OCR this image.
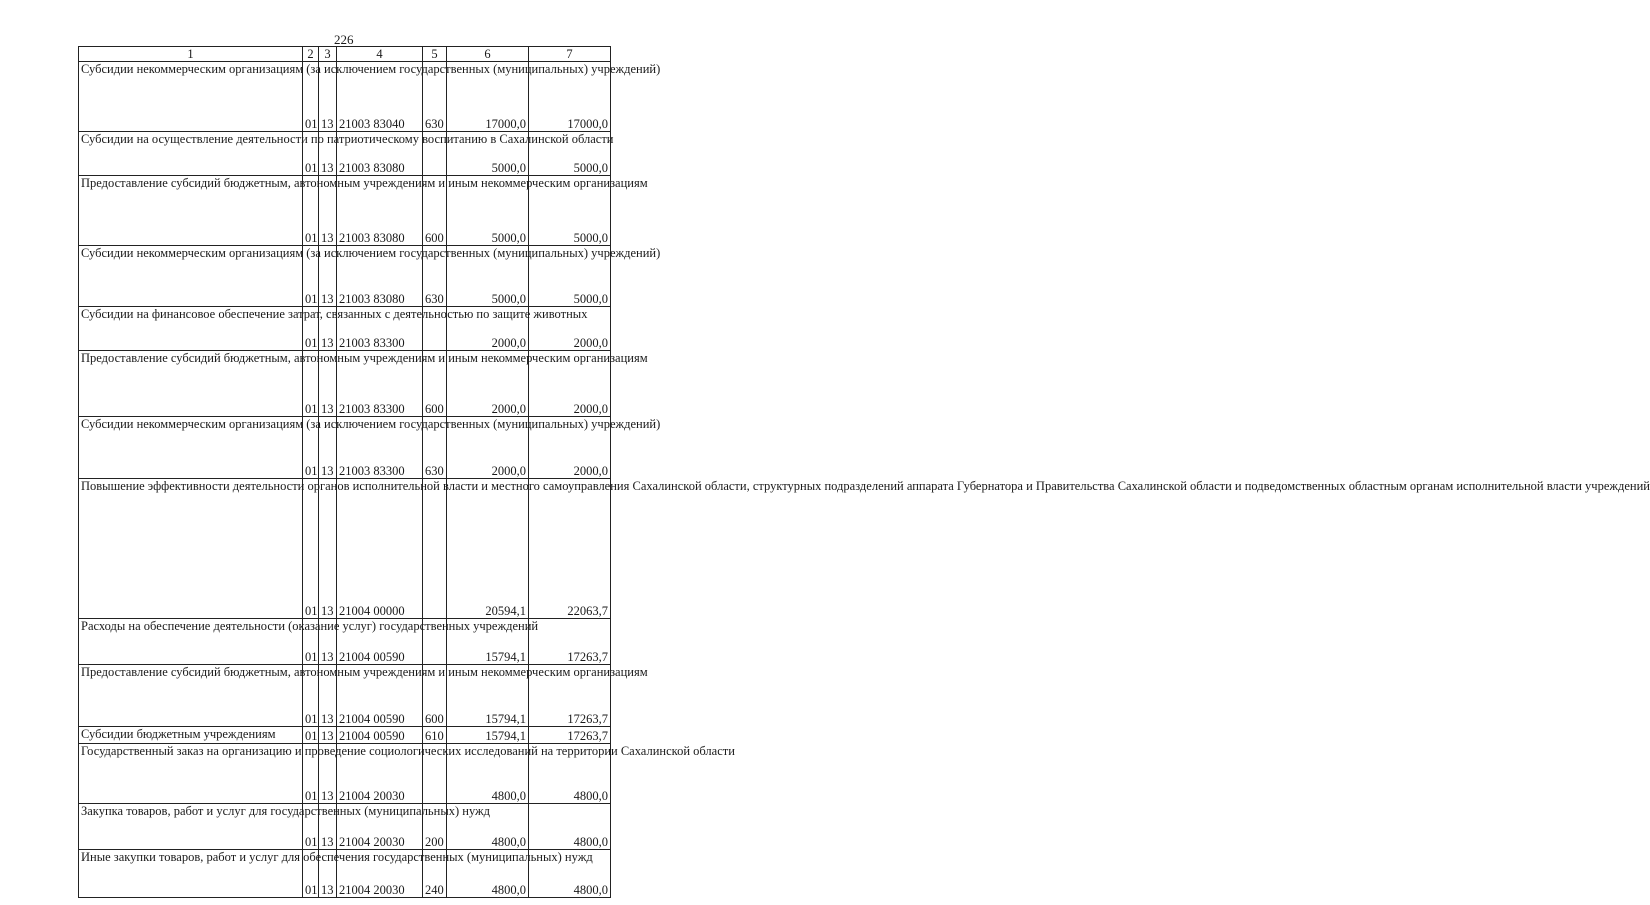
226
1	2	3	4	5	6	7
Субсидии некоммерческим организациям (за исключением государственных (муниципальных) учреждений)	01	13	21003 83040	630	17000,0	17000,0
Субсидии на осуществление деятельности по патриотическому воспитанию в Сахалинской области	01	13	21003 83080		5000,0	5000,0
Предоставление субсидий бюджетным, автономным учреждениям и иным некоммерческим организациям	01	13	21003 83080	600	5000,0	5000,0
Субсидии некоммерческим организациям (за исключением государственных (муниципальных) учреждений)	01	13	21003 83080	630	5000,0	5000,0
Субсидии на финансовое обеспечение затрат, связанных с деятельностью по защите животных	01	13	21003 83300		2000,0	2000,0
Предоставление субсидий бюджетным, автономным учреждениям и иным некоммерческим организациям	01	13	21003 83300	600	2000,0	2000,0
Субсидии некоммерческим организациям (за исключением государственных (муниципальных) учреждений)	01	13	21003 83300	630	2000,0	2000,0
Повышение эффективности деятельности органов исполнительной власти и местного самоуправления Сахалинской области, структурных подразделений аппарата Губернатора и Правительства Сахалинской области и подведомственных областным органам исполнительной власти учреждений	01	13	21004 00000		20594,1	22063,7
Расходы на обеспечение деятельности (оказание услуг) государственных учреждений	01	13	21004 00590		15794,1	17263,7
Предоставление субсидий бюджетным, автономным учреждениям и иным некоммерческим организациям	01	13	21004 00590	600	15794,1	17263,7
Субсидии бюджетным учреждениям	01	13	21004 00590	610	15794,1	17263,7
Государственный заказ на организацию и проведение социологических исследований на территории Сахалинской области	01	13	21004 20030		4800,0	4800,0
Закупка товаров, работ и услуг для государственных (муниципальных) нужд	01	13	21004 20030	200	4800,0	4800,0
Иные закупки товаров, работ и услуг для обеспечения государственных (муниципальных) нужд	01	13	21004 20030	240	4800,0	4800,0
